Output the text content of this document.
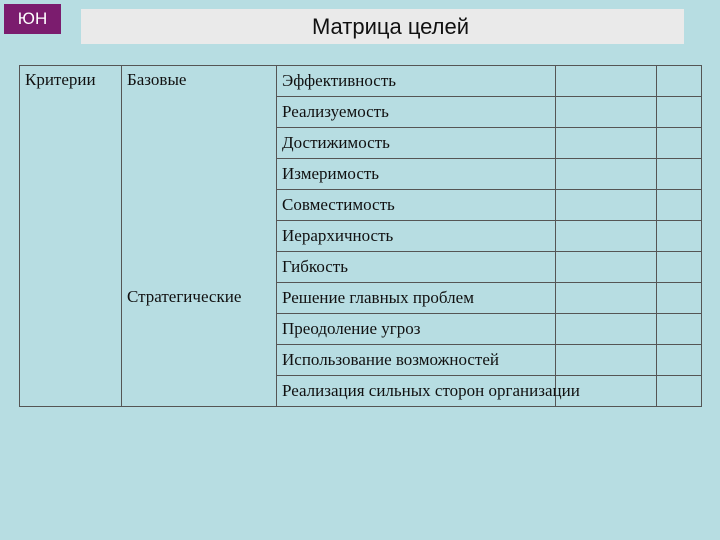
ЮН	Матрица целей
Критерии	Базовые	Эффективность		
		Реализуемость		
		Достижимость		
		Измеримость		
		Совместимость		
		Иерархичность		
		Гибкость		
	Стратегические	Решение главных проблем		
		Преодоление угроз		
		Использование возможностей		
		Реализация сильных сторон организации		
